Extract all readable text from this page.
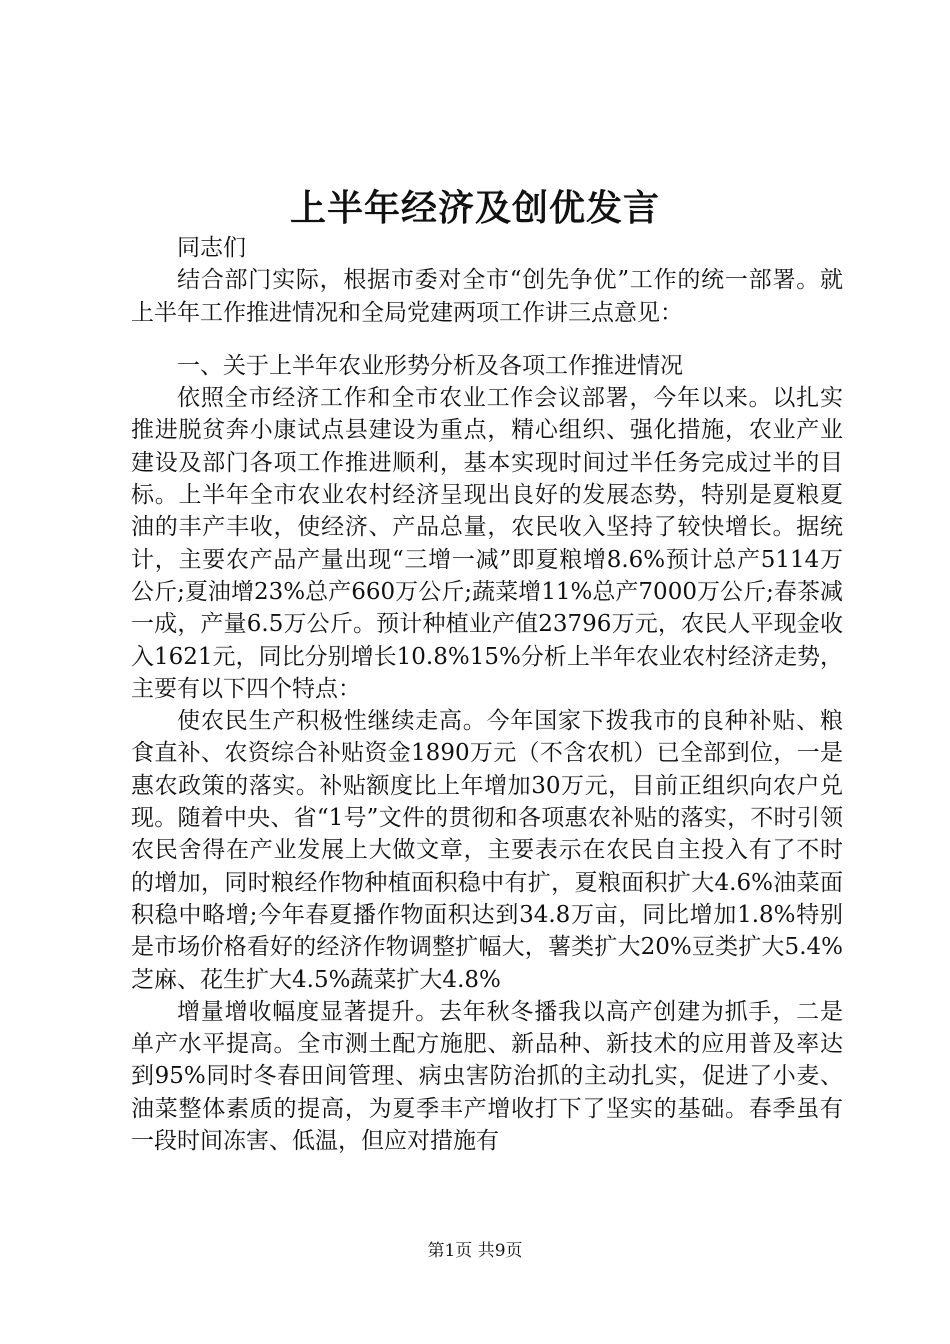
上半年经济及创优发言

同志们

结合部门实际，根据市委对全市“创先争优”工作的统一部署。就上半年工作推进情况和全局党建两项工作讲三点意见：

一、关于上半年农业形势分析及各项工作推进情况

依照全市经济工作和全市农业工作会议部署，今年以来。以扎实推进脱贫奔小康试点县建设为重点，精心组织、强化措施，农业产业建设及部门各项工作推进顺利，基本实现时间过半任务完成过半的目标。上半年全市农业农村经济呈现出良好的发展态势，特别是夏粮夏油的丰产丰收，使经济、产品总量，农民收入坚持了较快增长。据统计，主要农产品产量出现“三增一减”即夏粮增8.6%预计总产5114万公斤;夏油增23%总产660万公斤;蔬菜增11%总产7000万公斤;春茶减一成，产量6.5万公斤。预计种植业产值23796万元，农民人平现金收入1621元，同比分别增长10.8%15%分析上半年农业农村经济走势，主要有以下四个特点：

使农民生产积极性继续走高。今年国家下拨我市的良种补贴、粮食直补、农资综合补贴资金1890万元（不含农机）已全部到位，一是惠农政策的落实。补贴额度比上年增加30万元，目前正组织向农户兑现。随着中央、省“1号”文件的贯彻和各项惠农补贴的落实，不时引领农民舍得在产业发展上大做文章，主要表示在农民自主投入有了不时的增加，同时粮经作物种植面积稳中有扩，夏粮面积扩大4.6%油菜面积稳中略增;今年春夏播作物面积达到34.8万亩，同比增加1.8%特别是市场价格看好的经济作物调整扩幅大，薯类扩大20%豆类扩大5.4%芝麻、花生扩大4.5%蔬菜扩大4.8%

增量增收幅度显著提升。去年秋冬播我以高产创建为抓手，二是单产水平提高。全市测土配方施肥、新品种、新技术的应用普及率达到95%同时冬春田间管理、病虫害防治抓的主动扎实，促进了小麦、油菜整体素质的提高，为夏季丰产增收打下了坚实的基础。春季虽有一段时间冻害、低温，但应对措施有

第1页 共9页
